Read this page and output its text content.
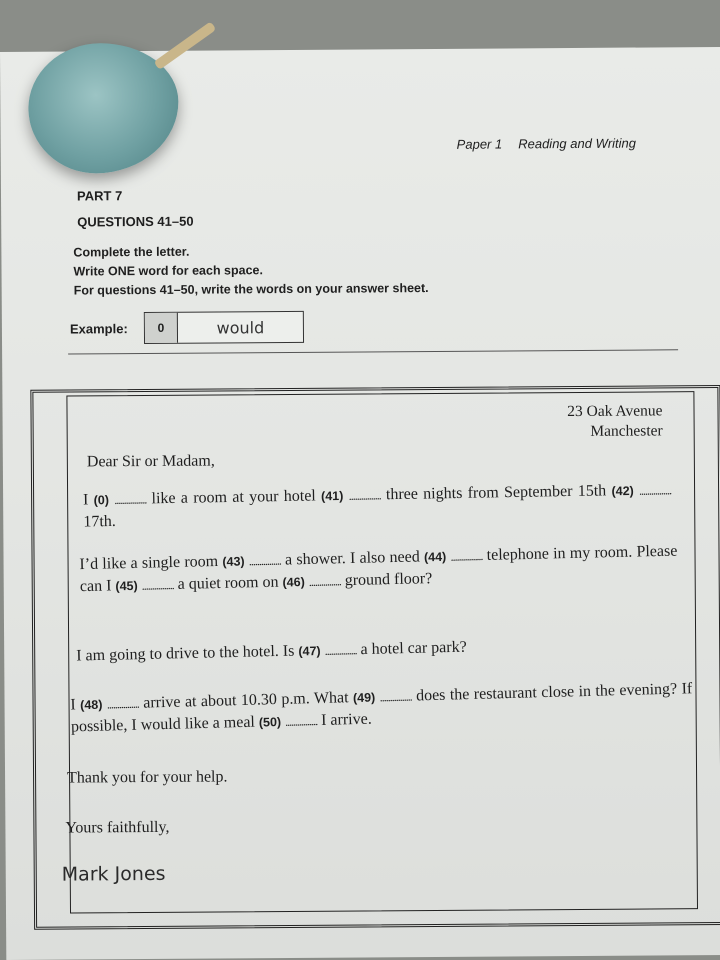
Paper 1 Reading and Writing
PART 7
QUESTIONS 41–50
Complete the letter.
Write ONE word for each space.
For questions 41–50, write the words on your answer sheet.
Example:	0	would
23 Oak Avenue
Manchester
Dear Sir or Madam,
I (0) ................ like a room at your hotel (41) ................ three nights from September 15th (42) ................ 17th.
I’d like a single room (43) ................ a shower. I also need (44) ................ telephone in my room. Please can I (45) ................ a quiet room on (46) ................ ground floor?
I am going to drive to the hotel. Is (47) ................ a hotel car park?
I (48) ................ arrive at about 10.30 p.m. What (49) ................ does the restaurant close in the evening? If possible, I would like a meal (50) ................ I arrive.
Thank you for your help.
Yours faithfully,
Mark Jones
